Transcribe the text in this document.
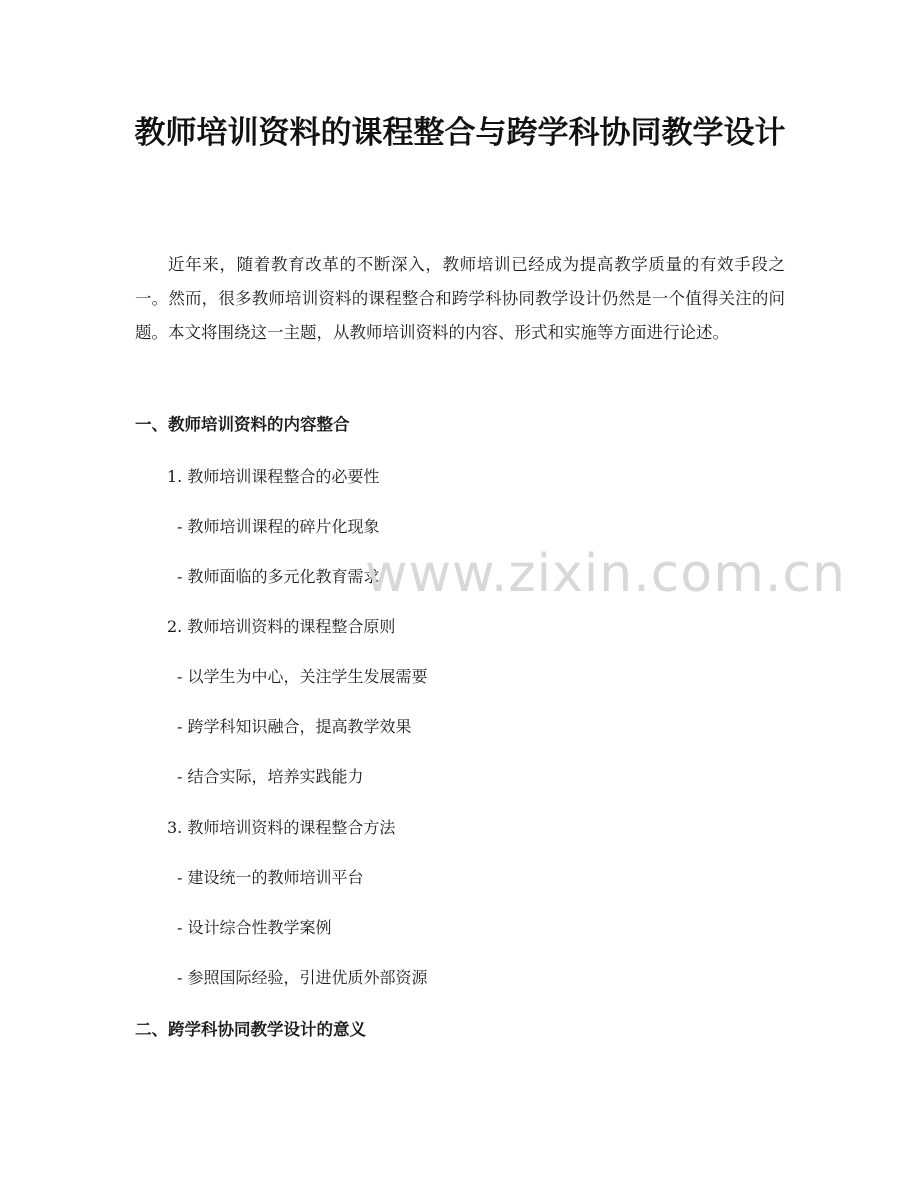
教师培训资料的课程整合与跨学科协同教学设计

近年来，随着教育改革的不断深入，教师培训已经成为提高教学质量的有效手段之一。然而，很多教师培训资料的课程整合和跨学科协同教学设计仍然是一个值得关注的问题。本文将围绕这一主题，从教师培训资料的内容、形式和实施等方面进行论述。

一、教师培训资料的内容整合

1. 教师培训课程整合的必要性

- 教师培训课程的碎片化现象

- 教师面临的多元化教育需求

2. 教师培训资料的课程整合原则

- 以学生为中心，关注学生发展需要

- 跨学科知识融合，提高教学效果

- 结合实际，培养实践能力

3. 教师培训资料的课程整合方法

- 建设统一的教师培训平台

- 设计综合性教学案例

- 参照国际经验，引进优质外部资源

二、跨学科协同教学设计的意义
www.zixin.com.cn
